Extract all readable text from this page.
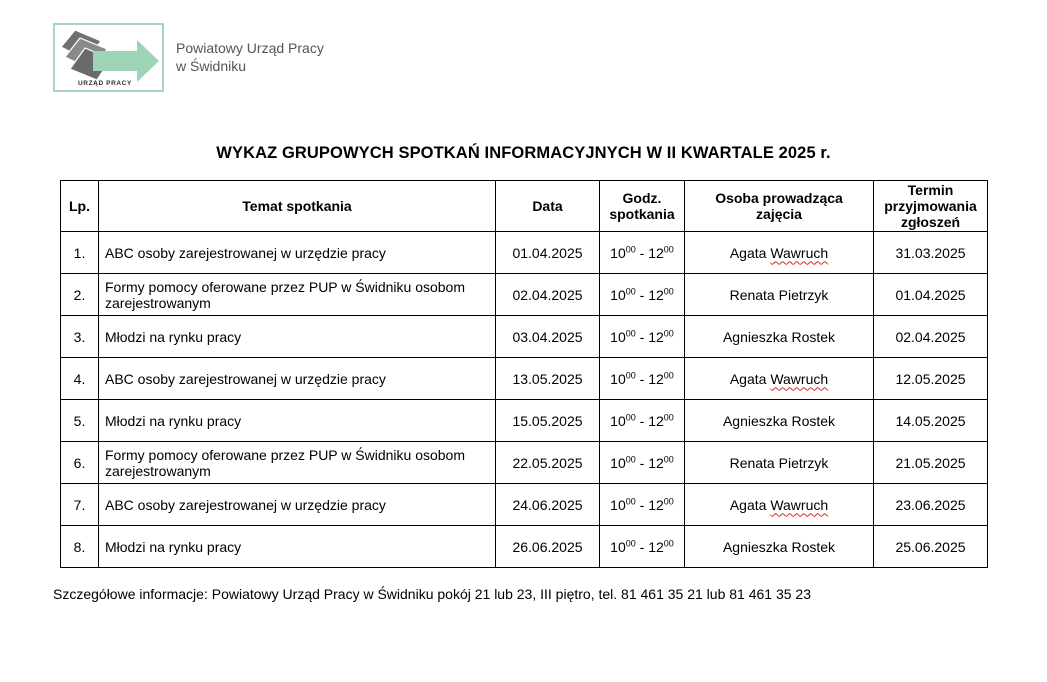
URZĄD PRACY
Powiatowy Urząd Pracy
w Świdniku
WYKAZ GRUPOWYCH SPOTKAŃ INFORMACYJNYCH W II KWARTALE 2025 r.
Lp.	Temat spotkania	Data	Godz. spotkania	Osoba prowadząca zajęcia	Termin przyjmowania zgłoszeń
1.	ABC osoby zarejestrowanej w urzędzie pracy	01.04.2025	$10^{00} - 12^{00}$	Agata Wawruch	31.03.2025
2.	Formy pomocy oferowane przez PUP w Świdniku osobom zarejestrowanym	02.04.2025	$10^{00} - 12^{00}$	Renata Pietrzyk	01.04.2025
3.	Młodzi na rynku pracy	03.04.2025	$10^{00} - 12^{00}$	Agnieszka Rostek	02.04.2025
4.	ABC osoby zarejestrowanej w urzędzie pracy	13.05.2025	$10^{00} - 12^{00}$	Agata Wawruch	12.05.2025
5.	Młodzi na rynku pracy	15.05.2025	$10^{00} - 12^{00}$	Agnieszka Rostek	14.05.2025
6.	Formy pomocy oferowane przez PUP w Świdniku osobom zarejestrowanym	22.05.2025	$10^{00} - 12^{00}$	Renata Pietrzyk	21.05.2025
7.	ABC osoby zarejestrowanej w urzędzie pracy	24.06.2025	$10^{00} - 12^{00}$	Agata Wawruch	23.06.2025
8.	Młodzi na rynku pracy	26.06.2025	$10^{00} - 12^{00}$	Agnieszka Rostek	25.06.2025
Szczegółowe informacje: Powiatowy Urząd Pracy w Świdniku pokój 21 lub 23, III piętro, tel. 81 461 35 21 lub 81 461 35 23
